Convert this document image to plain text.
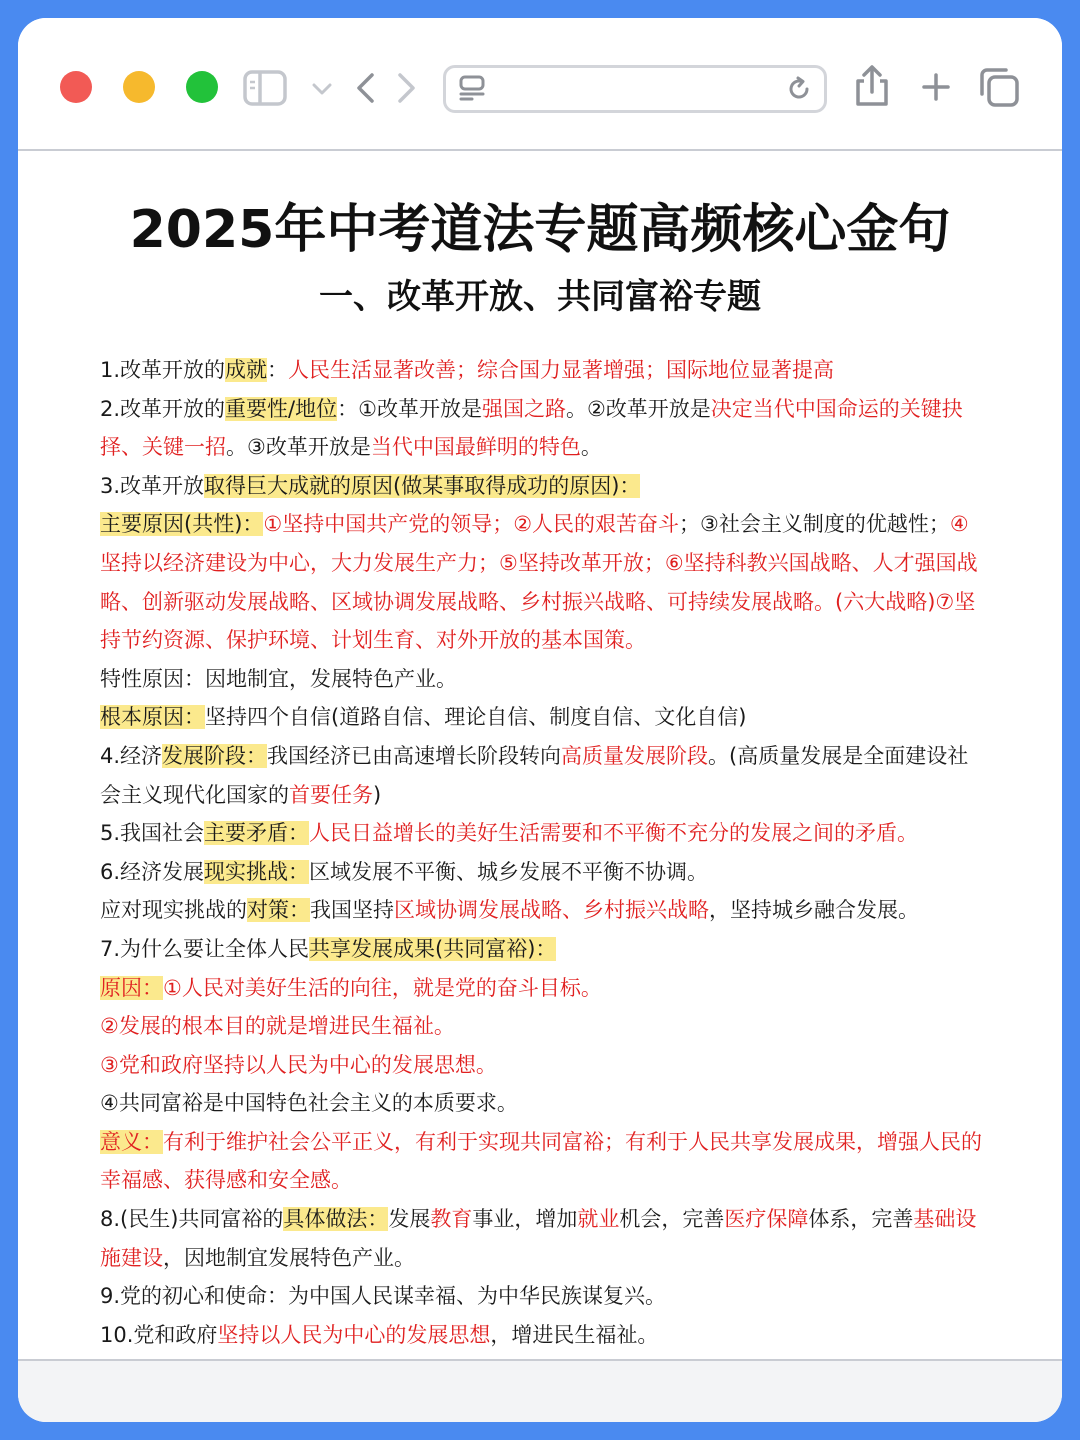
2025年中考道法专题高频核心金句
一、改革开放、共同富裕专题

1.改革开放的成就：人民生活显著改善；综合国力显著增强；国际地位显著提高

2.改革开放的重要性/地位：①改革开放是强国之路。②改革开放是决定当代中国命运的关键抉择、关键一招。③改革开放是当代中国最鲜明的特色。

3.改革开放取得巨大成就的原因(做某事取得成功的原因)：

主要原因(共性)：①坚持中国共产党的领导；②人民的艰苦奋斗；③社会主义制度的优越性；④坚持以经济建设为中心，大力发展生产力；⑤坚持改革开放；⑥坚持科教兴国战略、人才强国战略、创新驱动发展战略、区域协调发展战略、乡村振兴战略、可持续发展战略。(六大战略)⑦坚持节约资源、保护环境、计划生育、对外开放的基本国策。

特性原因：因地制宜，发展特色产业。

根本原因：坚持四个自信(道路自信、理论自信、制度自信、文化自信)

4.经济发展阶段：我国经济已由高速增长阶段转向高质量发展阶段。(高质量发展是全面建设社会主义现代化国家的首要任务)

5.我国社会主要矛盾：人民日益增长的美好生活需要和不平衡不充分的发展之间的矛盾。

6.经济发展现实挑战：区域发展不平衡、城乡发展不平衡不协调。

应对现实挑战的对策：我国坚持区域协调发展战略、乡村振兴战略，坚持城乡融合发展。

7.为什么要让全体人民共享发展成果(共同富裕)：

原因：①人民对美好生活的向往，就是党的奋斗目标。

②发展的根本目的就是增进民生福祉。

③党和政府坚持以人民为中心的发展思想。

④共同富裕是中国特色社会主义的本质要求。

意义：有利于维护社会公平正义，有利于实现共同富裕；有利于人民共享发展成果，增强人民的幸福感、获得感和安全感。

8.(民生)共同富裕的具体做法：发展教育事业，增加就业机会，完善医疗保障体系，完善基础设施建设，因地制宜发展特色产业。

9.党的初心和使命：为中国人民谋幸福、为中华民族谋复兴。

10.党和政府坚持以人民为中心的发展思想，增进民生福祉。
